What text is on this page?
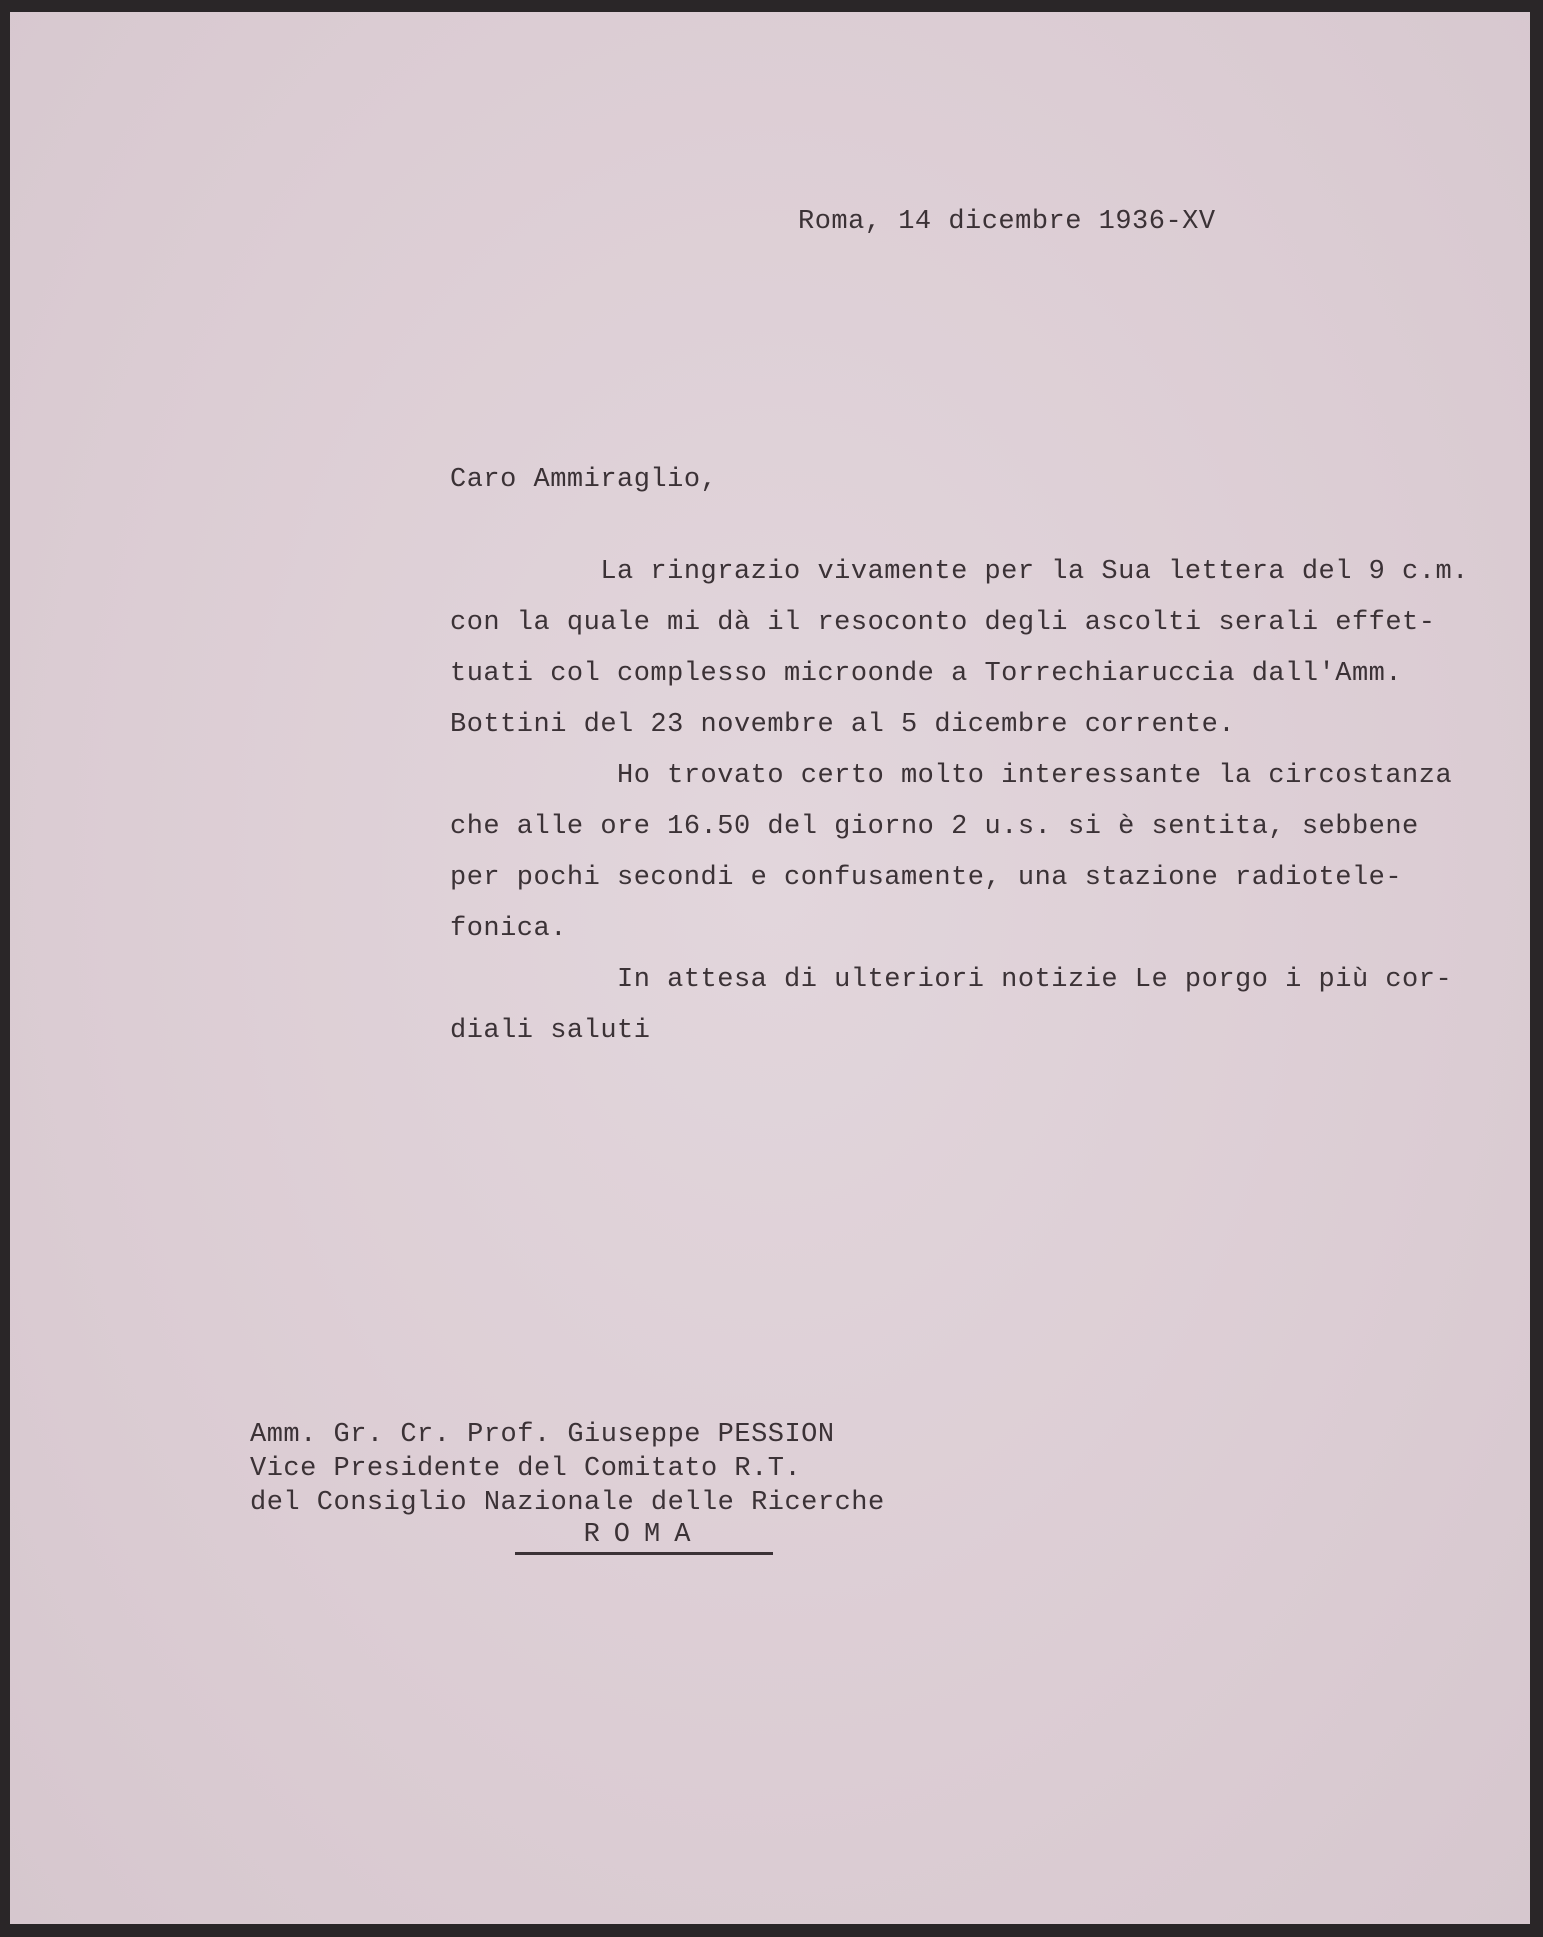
Roma, 14 dicembre 1936-XV
Caro Ammiraglio,
La ringrazio vivamente per la Sua lettera del 9 c.m.
con la quale mi dà il resoconto degli ascolti serali effet-
tuati col complesso microonde a Torrechiaruccia dall'Amm.
Bottini del 23 novembre al 5 dicembre corrente.
Ho trovato certo molto interessante la circostanza
che alle ore 16.50 del giorno 2 u.s. si è sentita, sebbene
per pochi secondi e confusamente, una stazione radiotele-
fonica.
In attesa di ulteriori notizie Le porgo i più cor-
diali saluti
Amm. Gr. Cr. Prof. Giuseppe PESSION
Vice Presidente del Comitato R.T.
del Consiglio Nazionale delle Ricerche
ROMA
